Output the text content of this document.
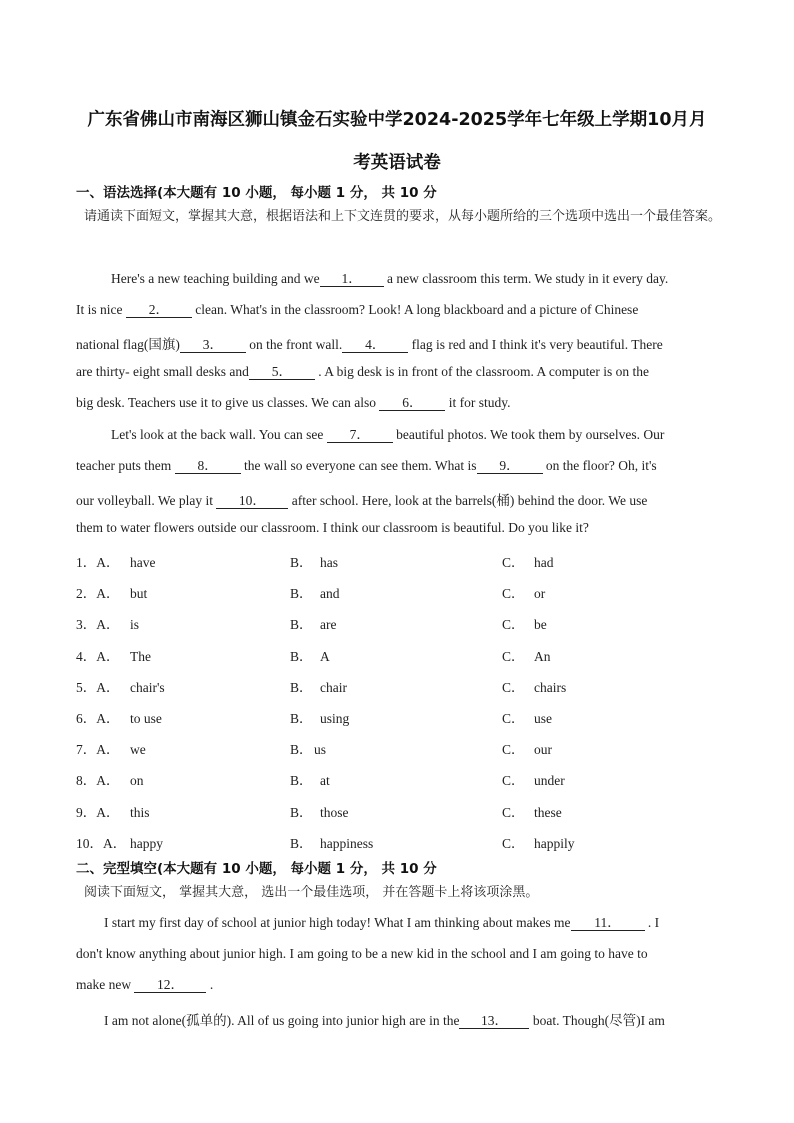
广东省佛山市南海区狮山镇金石实验中学2024-2025学年七年级上学期10月月
考英语试卷
一、语法选择(本大题有 10 小题， 每小题 1 分， 共 10 分
请通读下面短文，掌握其大意，根据语法和上下文连贯的要求，从每小题所给的三个选项中选出一个最佳答案。
Here's a new teaching building and we 1． a new classroom this term. We study in it every day.
It is nice 2． clean. What's in the classroom? Look! A long blackboard and a picture of Chinese
national flag(国旗) 3． on the front wall. 4． flag is red and I think it's very beautiful. There
are thirty- eight small desks and 5． . A big desk is in front of the classroom. A computer is on the
big desk. Teachers use it to give us classes. We can also 6． it for study.
Let's look at the back wall. You can see 7． beautiful photos. We took them by ourselves. Our
teacher puts them 8． the wall so everyone can see them. What is 9． on the floor? Oh, it's
our volleyball. We play it 10． after school. Here, look at the barrels(桶) behind the door. We use
them to water flowers outside our classroom. I think our classroom is beautiful. Do you like it?
1．A． have	B． has	C． had
2．A． but	B． and	C． or
3．A． is	B． are	C． be
4．A． The	B． A	C． An
5．A． chair's	B． chair	C． chairs
6．A． to use	B． using	C． use
7．A． we	B．us	C． our
8．A． on	B． at	C． under
9．A． this	B． those	C． these
10．A． happy	B． happiness	C． happily
二、完型填空(本大题有 10 小题， 每小题 1 分， 共 10 分
阅读下面短文， 掌握其大意， 选出一个最佳选项， 并在答题卡上将该项涂黑。
I start my first day of school at junior high today! What I am thinking about makes me 11． . I
don't know anything about junior high. I am going to be a new kid in the school and I am going to have to
make new 12． .
I am not alone(孤单的). All of us going into junior high are in the 13． boat. Though(尽管)I am
